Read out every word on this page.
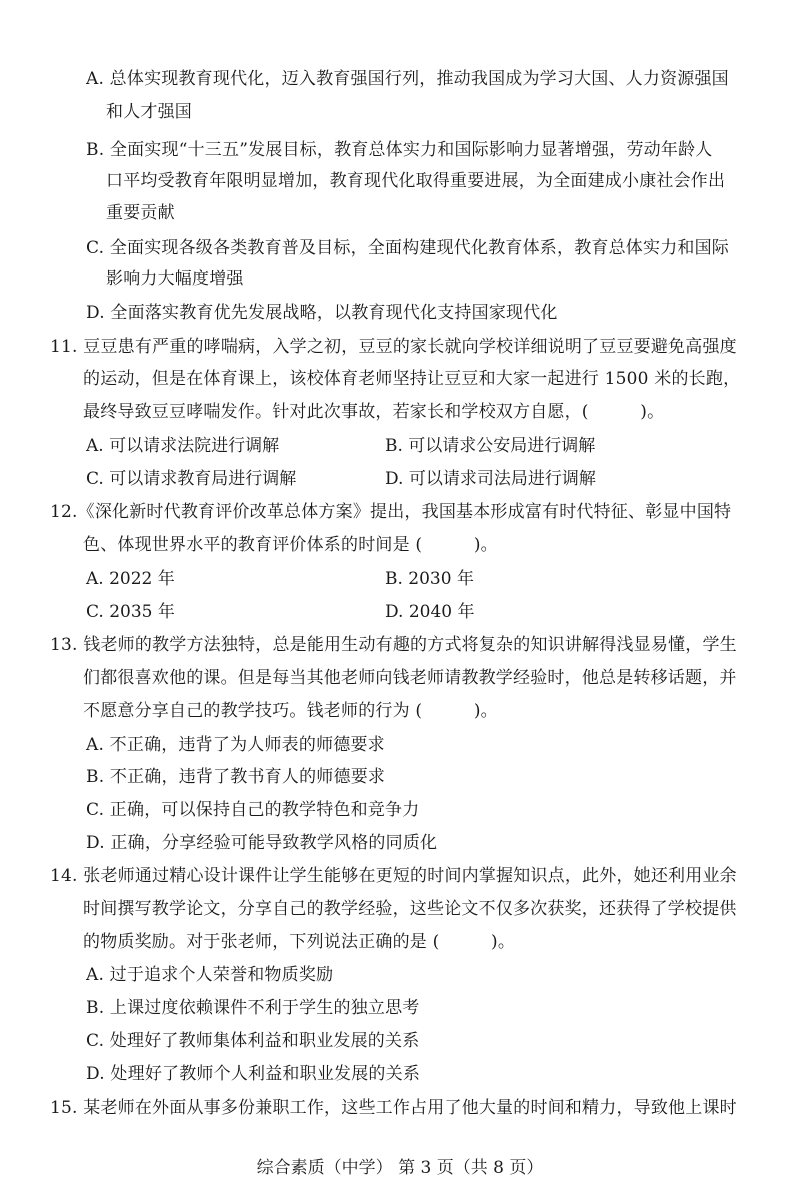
A. 总体实现教育现代化，迈入教育强国行列，推动我国成为学习大国、人力资源强国
和人才强国
B. 全面实现“十三五”发展目标，教育总体实力和国际影响力显著增强，劳动年龄人
口平均受教育年限明显增加，教育现代化取得重要进展，为全面建成小康社会作出
重要贡献
C. 全面实现各级各类教育普及目标，全面构建现代化教育体系，教育总体实力和国际
影响力大幅度增强
D. 全面落实教育优先发展战略，以教育现代化支持国家现代化
11. 豆豆患有严重的哮喘病，入学之初，豆豆的家长就向学校详细说明了豆豆要避免高强度
的运动，但是在体育课上，该校体育老师坚持让豆豆和大家一起进行 1500 米的长跑，
最终导致豆豆哮喘发作。针对此次事故，若家长和学校双方自愿，(　　　)。
A. 可以请求法院进行调解	B. 可以请求公安局进行调解
C. 可以请求教育局进行调解	D. 可以请求司法局进行调解
12.《深化新时代教育评价改革总体方案》提出，我国基本形成富有时代特征、彰显中国特
色、体现世界水平的教育评价体系的时间是 (　　　)。
A. 2022 年	B. 2030 年
C. 2035 年	D. 2040 年
13. 钱老师的教学方法独特，总是能用生动有趣的方式将复杂的知识讲解得浅显易懂，学生
们都很喜欢他的课。但是每当其他老师向钱老师请教教学经验时，他总是转移话题，并
不愿意分享自己的教学技巧。钱老师的行为 (　　　)。
A. 不正确，违背了为人师表的师德要求
B. 不正确，违背了教书育人的师德要求
C. 正确，可以保持自己的教学特色和竞争力
D. 正确，分享经验可能导致教学风格的同质化
14. 张老师通过精心设计课件让学生能够在更短的时间内掌握知识点，此外，她还利用业余
时间撰写教学论文，分享自己的教学经验，这些论文不仅多次获奖，还获得了学校提供
的物质奖励。对于张老师，下列说法正确的是 (　　　)。
A. 过于追求个人荣誉和物质奖励
B. 上课过度依赖课件不利于学生的独立思考
C. 处理好了教师集体利益和职业发展的关系
D. 处理好了教师个人利益和职业发展的关系
15. 某老师在外面从事多份兼职工作，这些工作占用了他大量的时间和精力，导致他上课时
综合素质（中学） 第 3 页（共 8 页）
